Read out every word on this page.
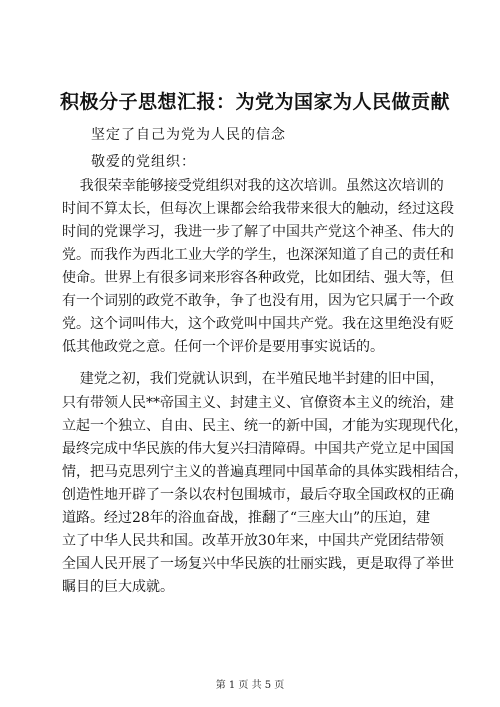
积极分子思想汇报：为党为国家为人民做贡献
坚定了自己为党为人民的信念
敬爱的党组织：
我很荣幸能够接受党组织对我的这次培训。虽然这次培训的
时间不算太长，但每次上课都会给我带来很大的触动，经过这段
时间的党课学习，我进一步了解了中国共产党这个神圣、伟大的
党。而我作为西北工业大学的学生，也深深知道了自己的责任和
使命。世界上有很多词来形容各种政党，比如团结、强大等，但
有一个词别的政党不敢争，争了也没有用，因为它只属于一个政
党。这个词叫伟大，这个政党叫中国共产党。我在这里绝没有贬
低其他政党之意。任何一个评价是要用事实说话的。
建党之初，我们党就认识到，在半殖民地半封建的旧中国，
只有带领人民**帝国主义、封建主义、官僚资本主义的统治，建
立起一个独立、自由、民主、统一的新中国，才能为实现现代化，
最终完成中华民族的伟大复兴扫清障碍。中国共产党立足中国国
情，把马克思列宁主义的普遍真理同中国革命的具体实践相结合，
创造性地开辟了一条以农村包围城市，最后夺取全国政权的正确
道路。经过28年的浴血奋战，推翻了“三座大山”的压迫，建
立了中华人民共和国。改革开放30年来，中国共产党团结带领
全国人民开展了一场复兴中华民族的壮丽实践，更是取得了举世
瞩目的巨大成就。
第 1 页 共 5 页
